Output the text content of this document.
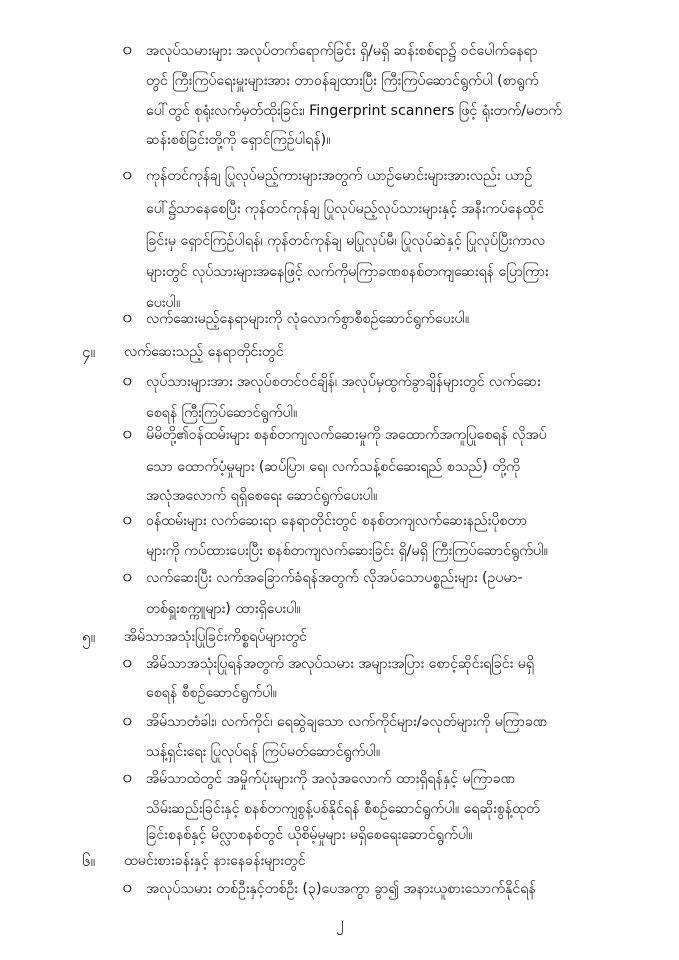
ㅇ အလုပ်သမားများ အလုပ်တက်ရောက်ခြင်း ရှိ/မရှိ ဆန်းစစ်ရာ၌ ဝင်ပေါက်နေရာ
တွင် ကြီးကြပ်ရေးမှူးများအား တာဝန်ချထားပြီး ကြီးကြပ်ဆောင်ရွက်ပါ (စာရွက်
ပေါ်တွင် စုရုံးလက်မှတ်ထိုးခြင်း၊ Fingerprint scanners ဖြင့် ရုံးတက်/မတက်
ဆန်းစစ်ခြင်းတို့ကို ရှောင်ကြဉ်ပါရန်)။
ㅇ ကုန်တင်ကုန်ချ ပြုလုပ်မည့်ကားများအတွက် ယာဉ်မောင်းများအားလည်း ယာဉ်
ပေါ်၌သာနေစေပြီး ကုန်တင်ကုန်ချ ပြုလုပ်မည့်လုပ်သားများနှင့် အနီးကပ်နေထိုင်
ခြင်းမှ ရှောင်ကြဉ်ပါရန်၊ ကုန်တင်ကုန်ချ မပြုလုပ်မီ၊ ပြုလုပ်ဆဲနှင့် ပြုလုပ်ပြီးကာလ
များတွင် လုပ်သားများအနေဖြင့် လက်ကိုမကြာခဏစနစ်တကျဆေးရန် ပြောကြား
ပေးပါ။
ㅇ လက်ဆေးမည့်နေရာများကို လုံလောက်စွာစီစဉ်ဆောင်ရွက်ပေးပါ။
၄။ လက်ဆေးသည့် နေရာတိုင်းတွင်
ㅇ လုပ်သားများအား အလုပ်စတင်ဝင်ချိန်၊ အလုပ်မှထွက်ခွာချိန်များတွင် လက်ဆေး
စေရန် ကြီးကြပ်ဆောင်ရွက်ပါ။
ㅇ မိမိတို့၏ဝန်ထမ်းများ စနစ်တကျလက်ဆေးမှုကို အထောက်အကူပြုစေရန် လိုအပ်
သော ထောက်ပံ့မှုများ (ဆပ်ပြာ၊ ရေ၊ လက်သန့်စင်ဆေးရည် စသည်) တို့ကို
အလုံအလောက် ရရှိစေရေး ဆောင်ရွက်ပေးပါ။
ㅇ ဝန်ထမ်းများ လက်ဆေးရာ နေရာတိုင်းတွင် စနစ်တကျလက်ဆေးနည်းပိုစတာ
များကို ကပ်ထားပေးပြီး စနစ်တကျလက်ဆေးခြင်း ရှိ/မရှိ ကြီးကြပ်ဆောင်ရွက်ပါ။
ㅇ လက်ဆေးပြီး လက်အခြောက်ခံရန်အတွက် လိုအပ်သောပစ္စည်းများ (ဥပမာ-
တစ်ရှူးစက္ကူများ) ထားရှိပေးပါ။
၅။ အိမ်သာအသုံးပြုခြင်းကိစ္စရပ်များတွင်
ㅇ အိမ်သာအသုံးပြုရန်အတွက် အလုပ်သမား အများအပြား စောင့်ဆိုင်းရခြင်း မရှိ
စေရန် စီစဉ်ဆောင်ရွက်ပါ။
ㅇ အိမ်သာတံခါး၊ လက်ကိုင်၊ ရေဆွဲချသော လက်ကိုင်များ/ခလုတ်များကို မကြာခဏ
သန့်ရှင်းရေး ပြုလုပ်ရန် ကြပ်မတ်ဆောင်ရွက်ပါ။
ㅇ အိမ်သာထဲတွင် အမှိုက်ပုံးများကို အလုံအလောက် ထားရှိရန်နှင့် မကြာခဏ
သိမ်းဆည်းခြင်းနှင့် စနစ်တကျစွန့်ပစ်နိုင်ရန် စီစဉ်ဆောင်ရွက်ပါ။ ရေဆိုးစွန့်ထုတ်
ခြင်းစနစ်နှင့် မိလ္လာစနစ်တွင် ယိုစိမ့်မှုများ မရှိစေရေးဆောင်ရွက်ပါ။
၆။ ထမင်းစားခန်းနှင့် နားနေခန်းများတွင်
ㅇ အလုပ်သမား တစ်ဦးနှင့်တစ်ဦး (၃)ပေအကွာ ခွာ၍ အနားယူစားသောက်နိုင်ရန်
၂
